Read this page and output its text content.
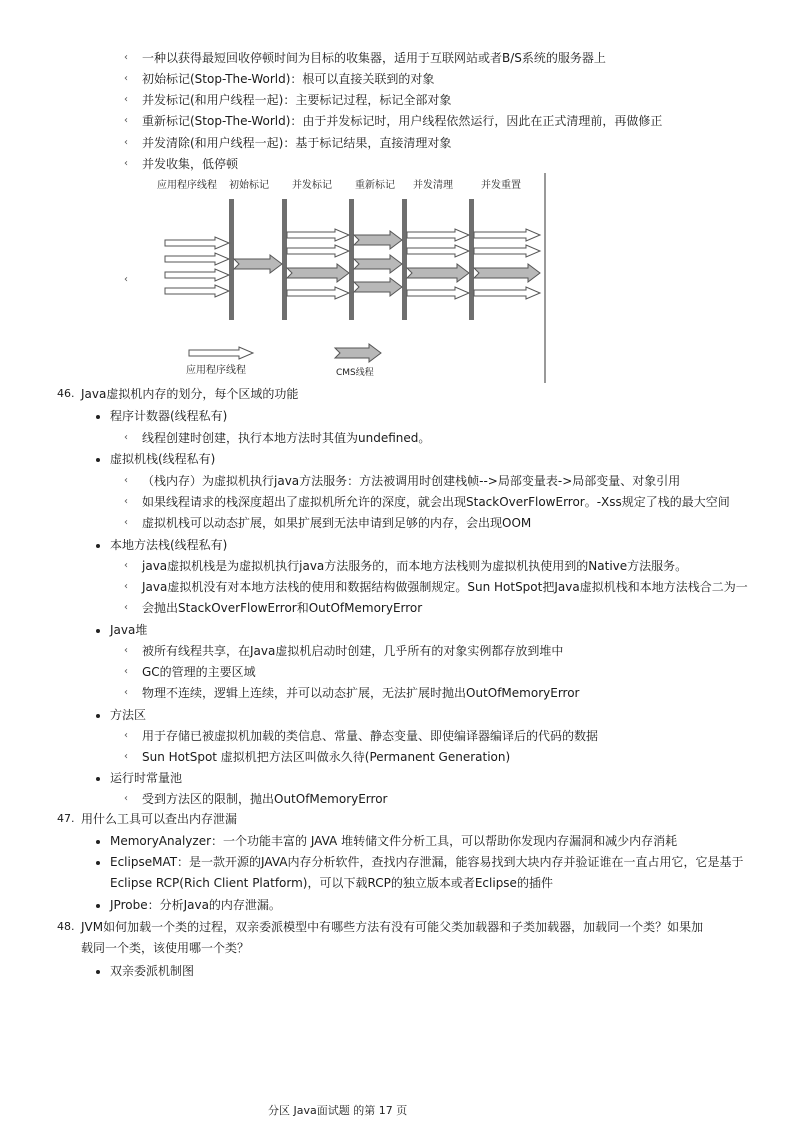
‹ 一种以获得最短回收停顿时间为目标的收集器，适用于互联网站或者B/S系统的服务器上
‹ 初始标记(Stop-The-World)：根可以直接关联到的对象
‹ 并发标记(和用户线程一起)：主要标记过程，标记全部对象
‹ 重新标记(Stop-The-World)：由于并发标记时，用户线程依然运行，因此在正式清理前，再做修正
‹ 并发清除(和用户线程一起)：基于标记结果，直接清理对象
‹ 并发收集，低停顿
‹
应用程序线程 初始标记 并发标记 重新标记 并发清理	并发重置
应用程序线程	CMS线程
46. Java虚拟机内存的划分，每个区域的功能
程序计数器(线程私有)
‹ 线程创建时创建，执行本地方法时其值为undefined。
虚拟机栈(线程私有)
‹ （栈内存）为虚拟机执行java方法服务：方法被调用时创建栈帧-->局部变量表->局部变量、对象引用
‹ 如果线程请求的栈深度超出了虚拟机所允许的深度，就会出现StackOverFlowError。-Xss规定了栈的最大空间
‹ 虚拟机栈可以动态扩展，如果扩展到无法申请到足够的内存，会出现OOM
本地方法栈(线程私有)
‹ java虚拟机栈是为虚拟机执行java方法服务的，而本地方法栈则为虚拟机执使用到的Native方法服务。
‹ Java虚拟机没有对本地方法栈的使用和数据结构做强制规定。Sun HotSpot把Java虚拟机栈和本地方法栈合二为一
‹ 会抛出StackOverFlowError和OutOfMemoryError
Java堆
‹ 被所有线程共享，在Java虚拟机启动时创建，几乎所有的对象实例都存放到堆中
‹ GC的管理的主要区域
‹ 物理不连续，逻辑上连续，并可以动态扩展，无法扩展时抛出OutOfMemoryError
方法区
‹ 用于存储已被虚拟机加载的类信息、常量、静态变量、即使编译器编译后的代码的数据
‹ Sun HotSpot 虚拟机把方法区叫做永久待(Permanent Generation)
运行时常量池
‹ 受到方法区的限制，抛出OutOfMemoryError
47. 用什么工具可以查出内存泄漏
MemoryAnalyzer：一个功能丰富的 JAVA 堆转储文件分析工具，可以帮助你发现内存漏洞和减少内存消耗
EclipseMAT：是一款开源的JAVA内存分析软件，查找内存泄漏，能容易找到大块内存并验证谁在一直占用它，它是基于
Eclipse RCP(Rich Client Platform)，可以下载RCP的独立版本或者Eclipse的插件
JProbe：分析Java的内存泄漏。
48. JVM如何加载一个类的过程，双亲委派模型中有哪些方法有没有可能父类加载器和子类加载器，加载同一个类？如果加
载同一个类，该使用哪一个类？
双亲委派机制图
分区 Java面试题 的第 17 页
